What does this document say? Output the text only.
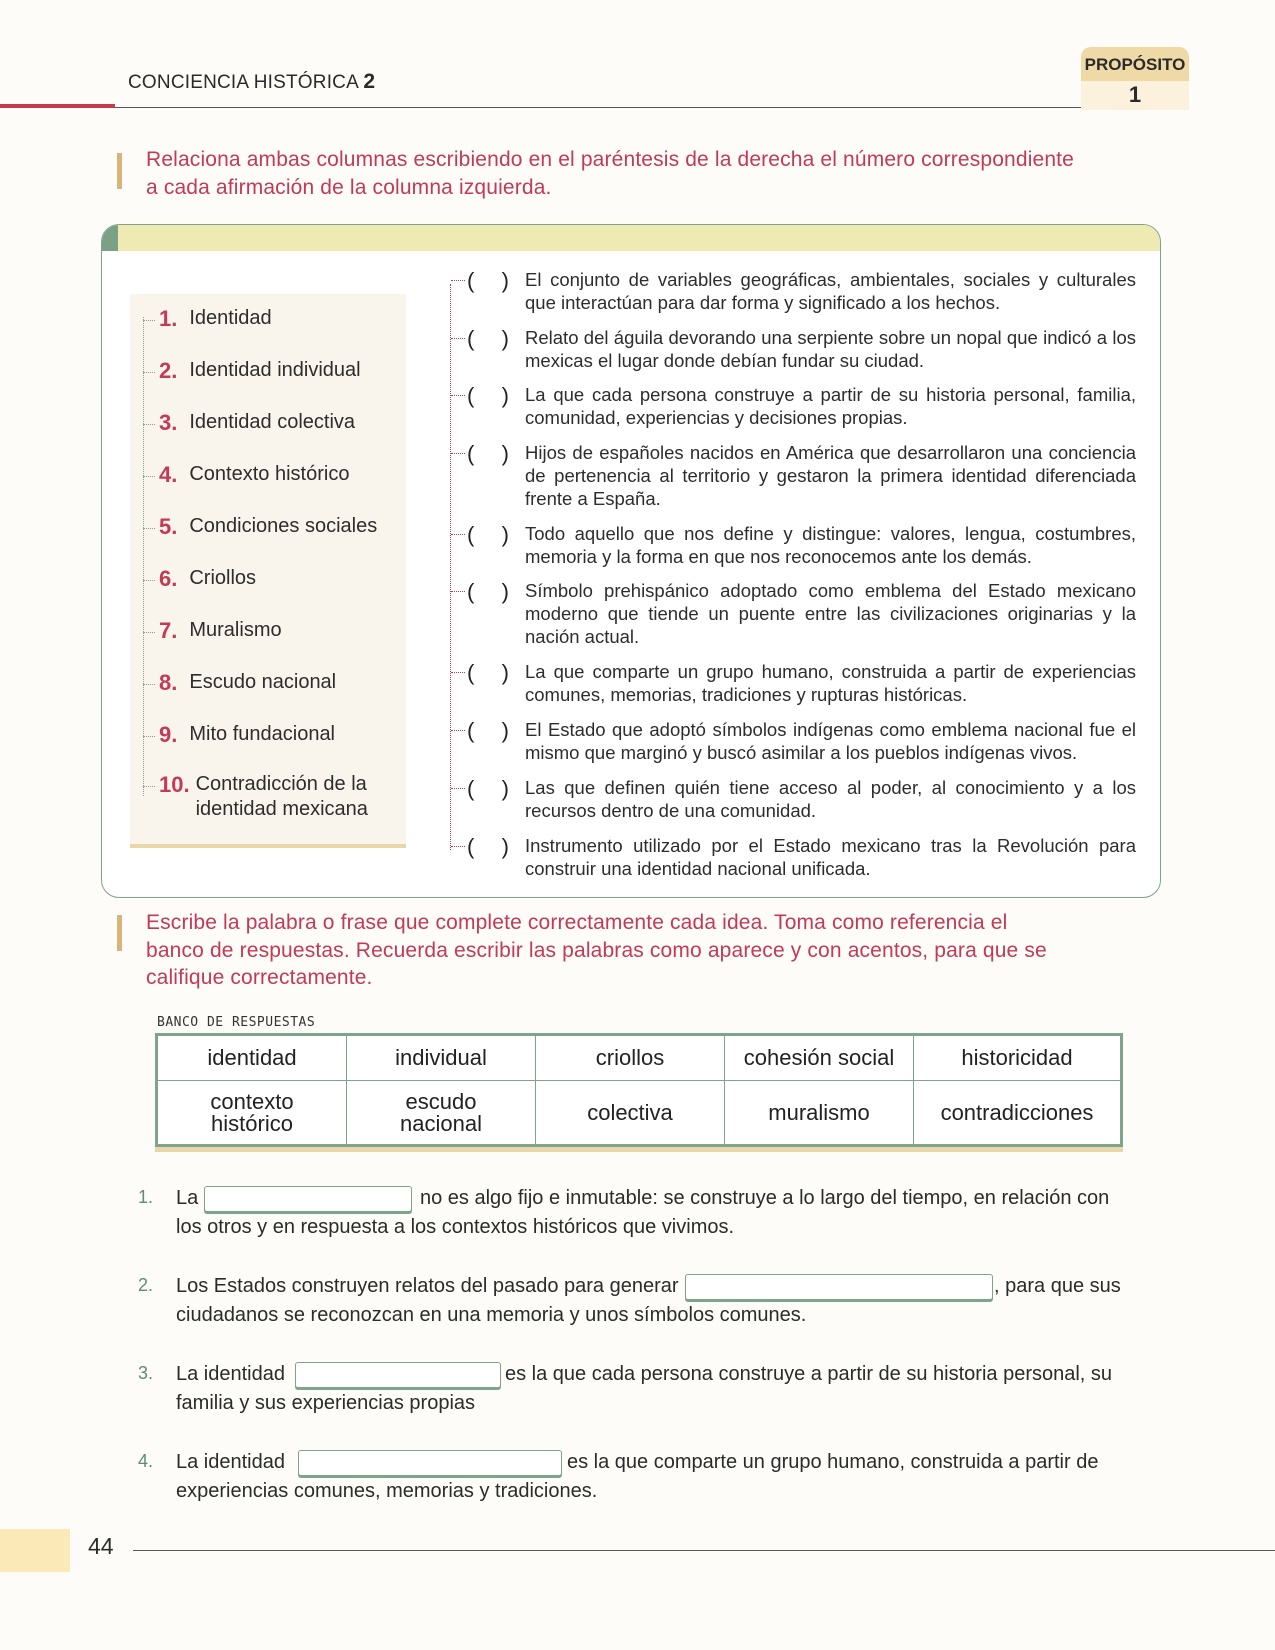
CONCIENCIA HISTÓRICA 2
PROPÓSITO
1
Relaciona ambas columnas escribiendo en el paréntesis de la derecha el número correspondiente
a cada afirmación de la columna izquierda.
1. Identidad
2. Identidad individual
3. Identidad colectiva
4. Contexto histórico
5. Condiciones sociales
6. Criollos
7. Muralismo
8. Escudo nacional
9. Mito fundacional
10. Contradicción de la
identidad mexicana
( ) El conjunto de variables geográficas, ambientales, sociales y culturales que interactúan para dar forma y significado a los hechos.
( ) Relato del águila devorando una serpiente sobre un nopal que indicó a los mexicas el lugar donde debían fundar su ciudad.
( ) La que cada persona construye a partir de su historia personal, familia, comunidad, experiencias y decisiones propias.
( ) Hijos de españoles nacidos en América que desarrollaron una conciencia de pertenencia al territorio y gestaron la primera identidad diferenciada frente a España.
( ) Todo aquello que nos define y distingue: valores, lengua, costumbres, memoria y la forma en que nos reconocemos ante los demás.
( ) Símbolo prehispánico adoptado como emblema del Estado mexicano moderno que tiende un puente entre las civilizaciones originarias y la nación actual.
( ) La que comparte un grupo humano, construida a partir de experiencias comunes, memorias, tradiciones y rupturas históricas.
( ) El Estado que adoptó símbolos indígenas como emblema nacional fue el mismo que marginó y buscó asimilar a los pueblos indígenas vivos.
( ) Las que definen quién tiene acceso al poder, al conocimiento y a los recursos dentro de una comunidad.
( ) Instrumento utilizado por el Estado mexicano tras la Revolución para construir una identidad nacional unificada.
Escribe la palabra o frase que complete correctamente cada idea. Toma como referencia el
banco de respuestas. Recuerda escribir las palabras como aparece y con acentos, para que se
califique correctamente.
BANCO DE RESPUESTAS
identidad	individual	criollos	cohesión social	historicidad
contexto
histórico	escudo
nacional	colectiva	muralismo	contradicciones
1. La	no es algo fijo e inmutable: se construye a lo largo del tiempo, en relación con
los otros y en respuesta a los contextos históricos que vivimos.
2. Los Estados construyen relatos del pasado para generar	, para que sus
ciudadanos se reconozcan en una memoria y unos símbolos comunes.
3. La identidad	es la que cada persona construye a partir de su historia personal, su
familia y sus experiencias propias
4. La identidad	es la que comparte un grupo humano, construida a partir de
experiencias comunes, memorias y tradiciones.
44
